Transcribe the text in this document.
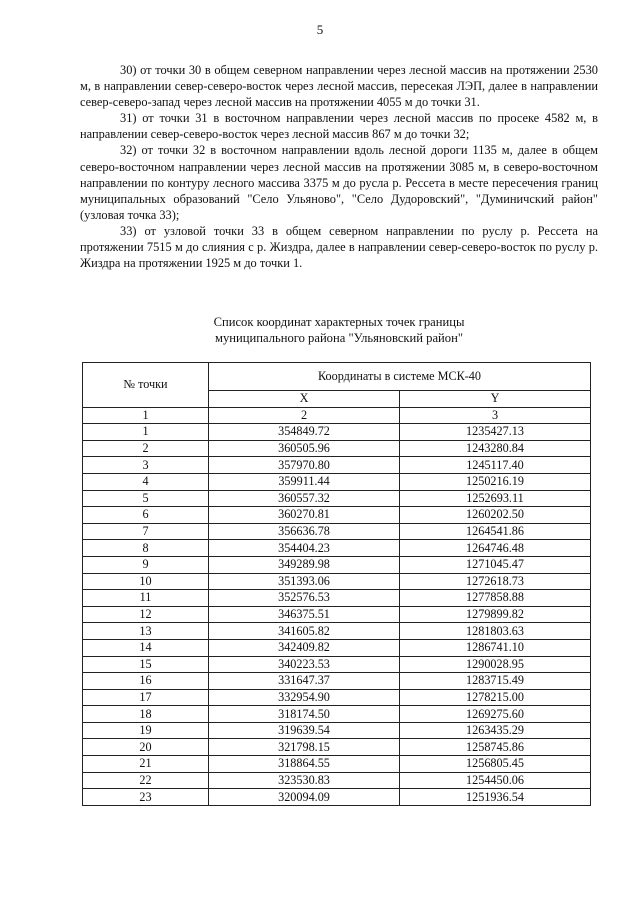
5

30) от точки 30 в общем северном направлении через лесной массив на протяжении 2530 м, в направлении север-северо-восток через лесной массив, пересекая ЛЭП, далее в направлении север-северо-запад через лесной массив на протяжении 4055 м до точки 31.

31) от точки 31 в восточном направлении через лесной массив по просеке 4582 м, в направлении север-северо-восток через лесной массив 867 м до точки 32;

32) от точки 32 в восточном направлении вдоль лесной дороги 1135 м, далее в общем северо-восточном направлении через лесной массив на протяжении 3085 м, в северо-восточном направлении по контуру лесного массива 3375 м до русла р. Рессета в месте пересечения границ муниципальных образований "Село Ульяново", "Село Дудоровский", "Думиничский район" (узловая точка 33);

33) от узловой точки 33 в общем северном направлении по руслу р. Рессета на протяжении 7515 м до слияния с р. Жиздра, далее в направлении север-северо-восток по руслу р. Жиздра на протяжении 1925 м до точки 1.

Список координат характерных точек границы
муниципального района "Ульяновский район"
№ точки	Координаты в системе МСК-40	
	X	Y
1	2	3
1	354849.72	1235427.13
2	360505.96	1243280.84
3	357970.80	1245117.40
4	359911.44	1250216.19
5	360557.32	1252693.11
6	360270.81	1260202.50
7	356636.78	1264541.86
8	354404.23	1264746.48
9	349289.98	1271045.47
10	351393.06	1272618.73
11	352576.53	1277858.88
12	346375.51	1279899.82
13	341605.82	1281803.63
14	342409.82	1286741.10
15	340223.53	1290028.95
16	331647.37	1283715.49
17	332954.90	1278215.00
18	318174.50	1269275.60
19	319639.54	1263435.29
20	321798.15	1258745.86
21	318864.55	1256805.45
22	323530.83	1254450.06
23	320094.09	1251936.54
